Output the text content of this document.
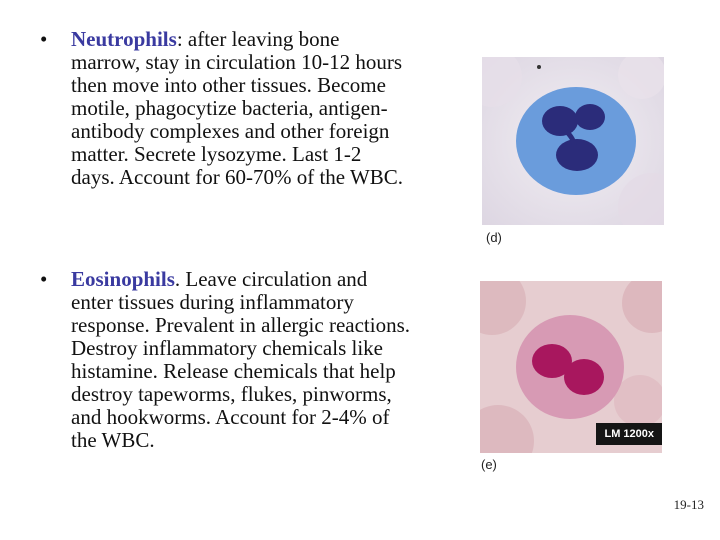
• Neutrophils: after leaving bone marrow, stay in circulation 10-12 hours then move into other tissues. Become motile, phagocytize bacteria, antigen-antibody complexes and other foreign matter. Secrete lysozyme. Last 1-2 days. Account for 60-70% of the WBC.
• Eosinophils. Leave circulation and enter tissues during inflammatory response. Prevalent in allergic reactions. Destroy inflammatory chemicals like histamine. Release chemicals that help destroy tapeworms, flukes, pinworms, and hookworms. Account for 2-4% of the WBC.
(d)
LM 1200x
(e)
19-13
